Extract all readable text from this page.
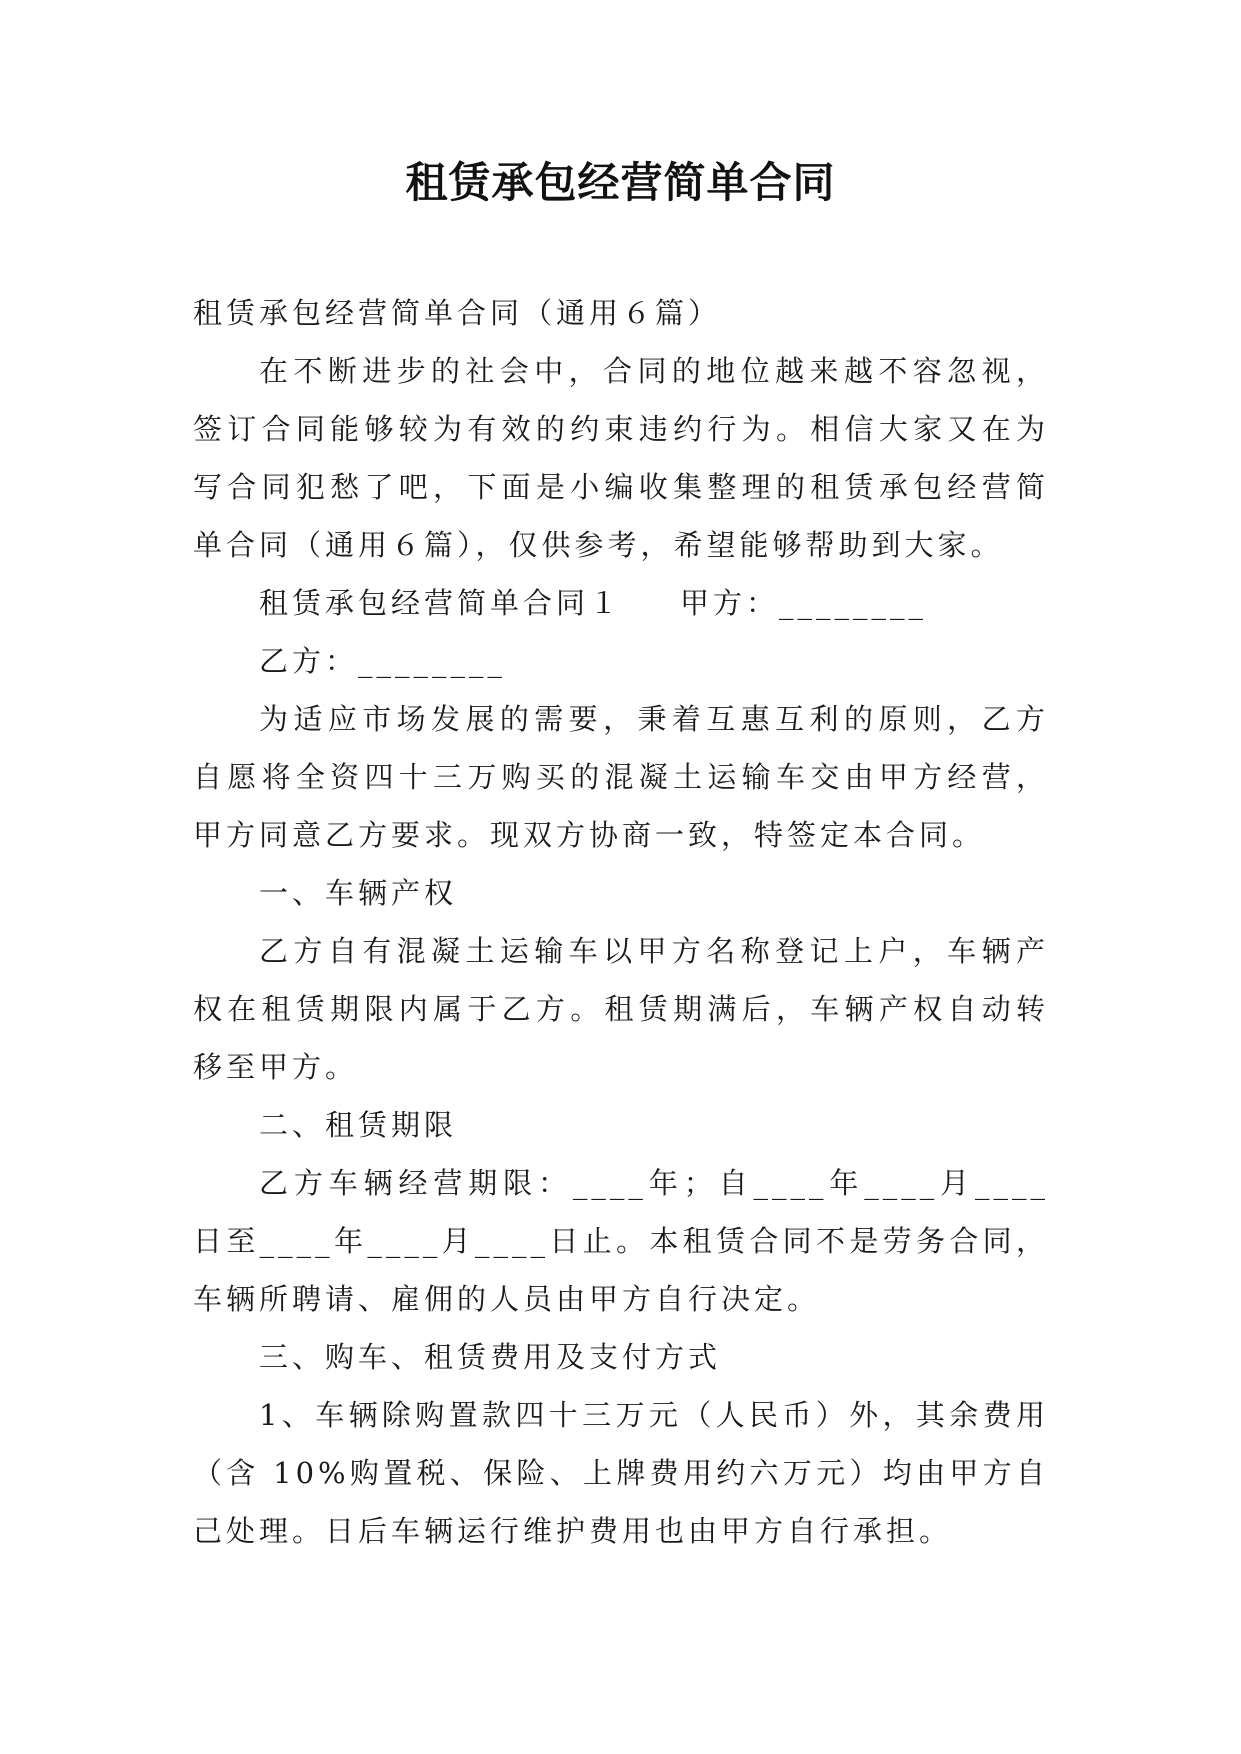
租赁承包经营简单合同

租赁承包经营简单合同（通用６篇）

在不断进步的社会中，合同的地位越来越不容忽视，签订合同能够较为有效的约束违约行为。相信大家又在为写合同犯愁了吧，下面是小编收集整理的租赁承包经营简单合同（通用６篇），仅供参考，希望能够帮助到大家。

租赁承包经营简单合同１ 甲方：________

乙方：________

为适应市场发展的需要，秉着互惠互利的原则，乙方自愿将全资四十三万购买的混凝土运输车交由甲方经营，甲方同意乙方要求。现双方协商一致，特签定本合同。

一、车辆产权

乙方自有混凝土运输车以甲方名称登记上户，车辆产权在租赁期限内属于乙方。租赁期满后，车辆产权自动转移至甲方。

二、租赁期限

乙方车辆经营期限：____年；自____年____月____日至____年____月____日止。本租赁合同不是劳务合同，车辆所聘请、雇佣的人员由甲方自行决定。

三、购车、租赁费用及支付方式

1、车辆除购置款四十三万元（人民币）外，其余费用（含 10%购置税、保险、上牌费用约六万元）均由甲方自己处理。日后车辆运行维护费用也由甲方自行承担。
